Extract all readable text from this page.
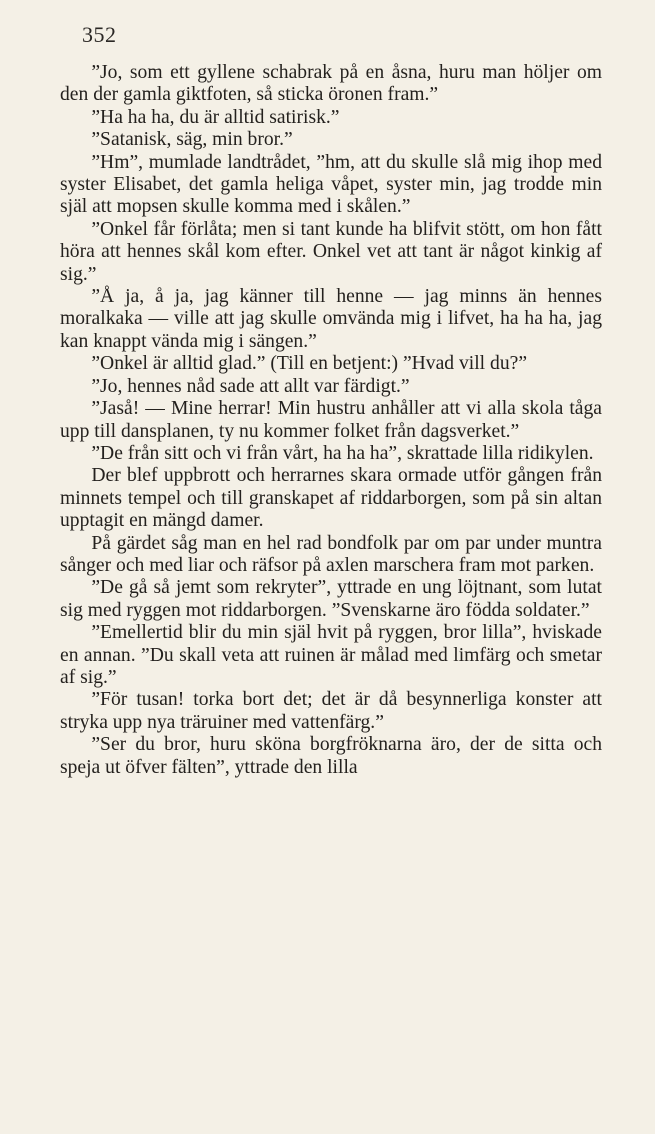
352

”Jo, som ett gyllene schabrak på en åsna, huru man höljer om den der gamla giktfoten, så sticka öronen fram.”

”Ha ha ha, du är alltid satirisk.”

”Satanisk, säg, min bror.”

”Hm”, mumlade landtrådet, ”hm, att du skulle slå mig ihop med syster Elisabet, det gamla heliga våpet, syster min, jag trodde min själ att mopsen skulle komma med i skålen.”

”Onkel får förlåta; men si tant kunde ha blifvit stött, om hon fått höra att hennes skål kom efter. Onkel vet att tant är något kinkig af sig.”

”Å ja, å ja, jag känner till henne — jag minns än hennes moralkaka — ville att jag skulle omvända mig i lifvet, ha ha ha, jag kan knappt vända mig i sängen.”

”Onkel är alltid glad.” (Till en betjent:) ”Hvad vill du?”

”Jo, hennes nåd sade att allt var färdigt.”

”Jaså! — Mine herrar! Min hustru anhåller att vi alla skola tåga upp till dansplanen, ty nu kommer folket från dagsverket.”

”De från sitt och vi från vårt, ha ha ha”, skrattade lilla ridikylen.

Der blef uppbrott och herrarnes skara ormade utför gången från minnets tempel och till granskapet af riddarborgen, som på sin altan upptagit en mängd damer.

På gärdet såg man en hel rad bondfolk par om par under muntra sånger och med liar och räfsor på axlen marschera fram mot parken.

”De gå så jemt som rekryter”, yttrade en ung löjtnant, som lutat sig med ryggen mot riddarborgen. ”Svenskarne äro födda soldater.”

”Emellertid blir du min själ hvit på ryggen, bror lilla”, hviskade en annan. ”Du skall veta att ruinen är målad med limfärg och smetar af sig.”

”För tusan! torka bort det; det är då besynnerliga konster att stryka upp nya träruiner med vattenfärg.”

”Ser du bror, huru sköna borgfröknarna äro, der de sitta och speja ut öfver fälten”, yttrade den lilla
